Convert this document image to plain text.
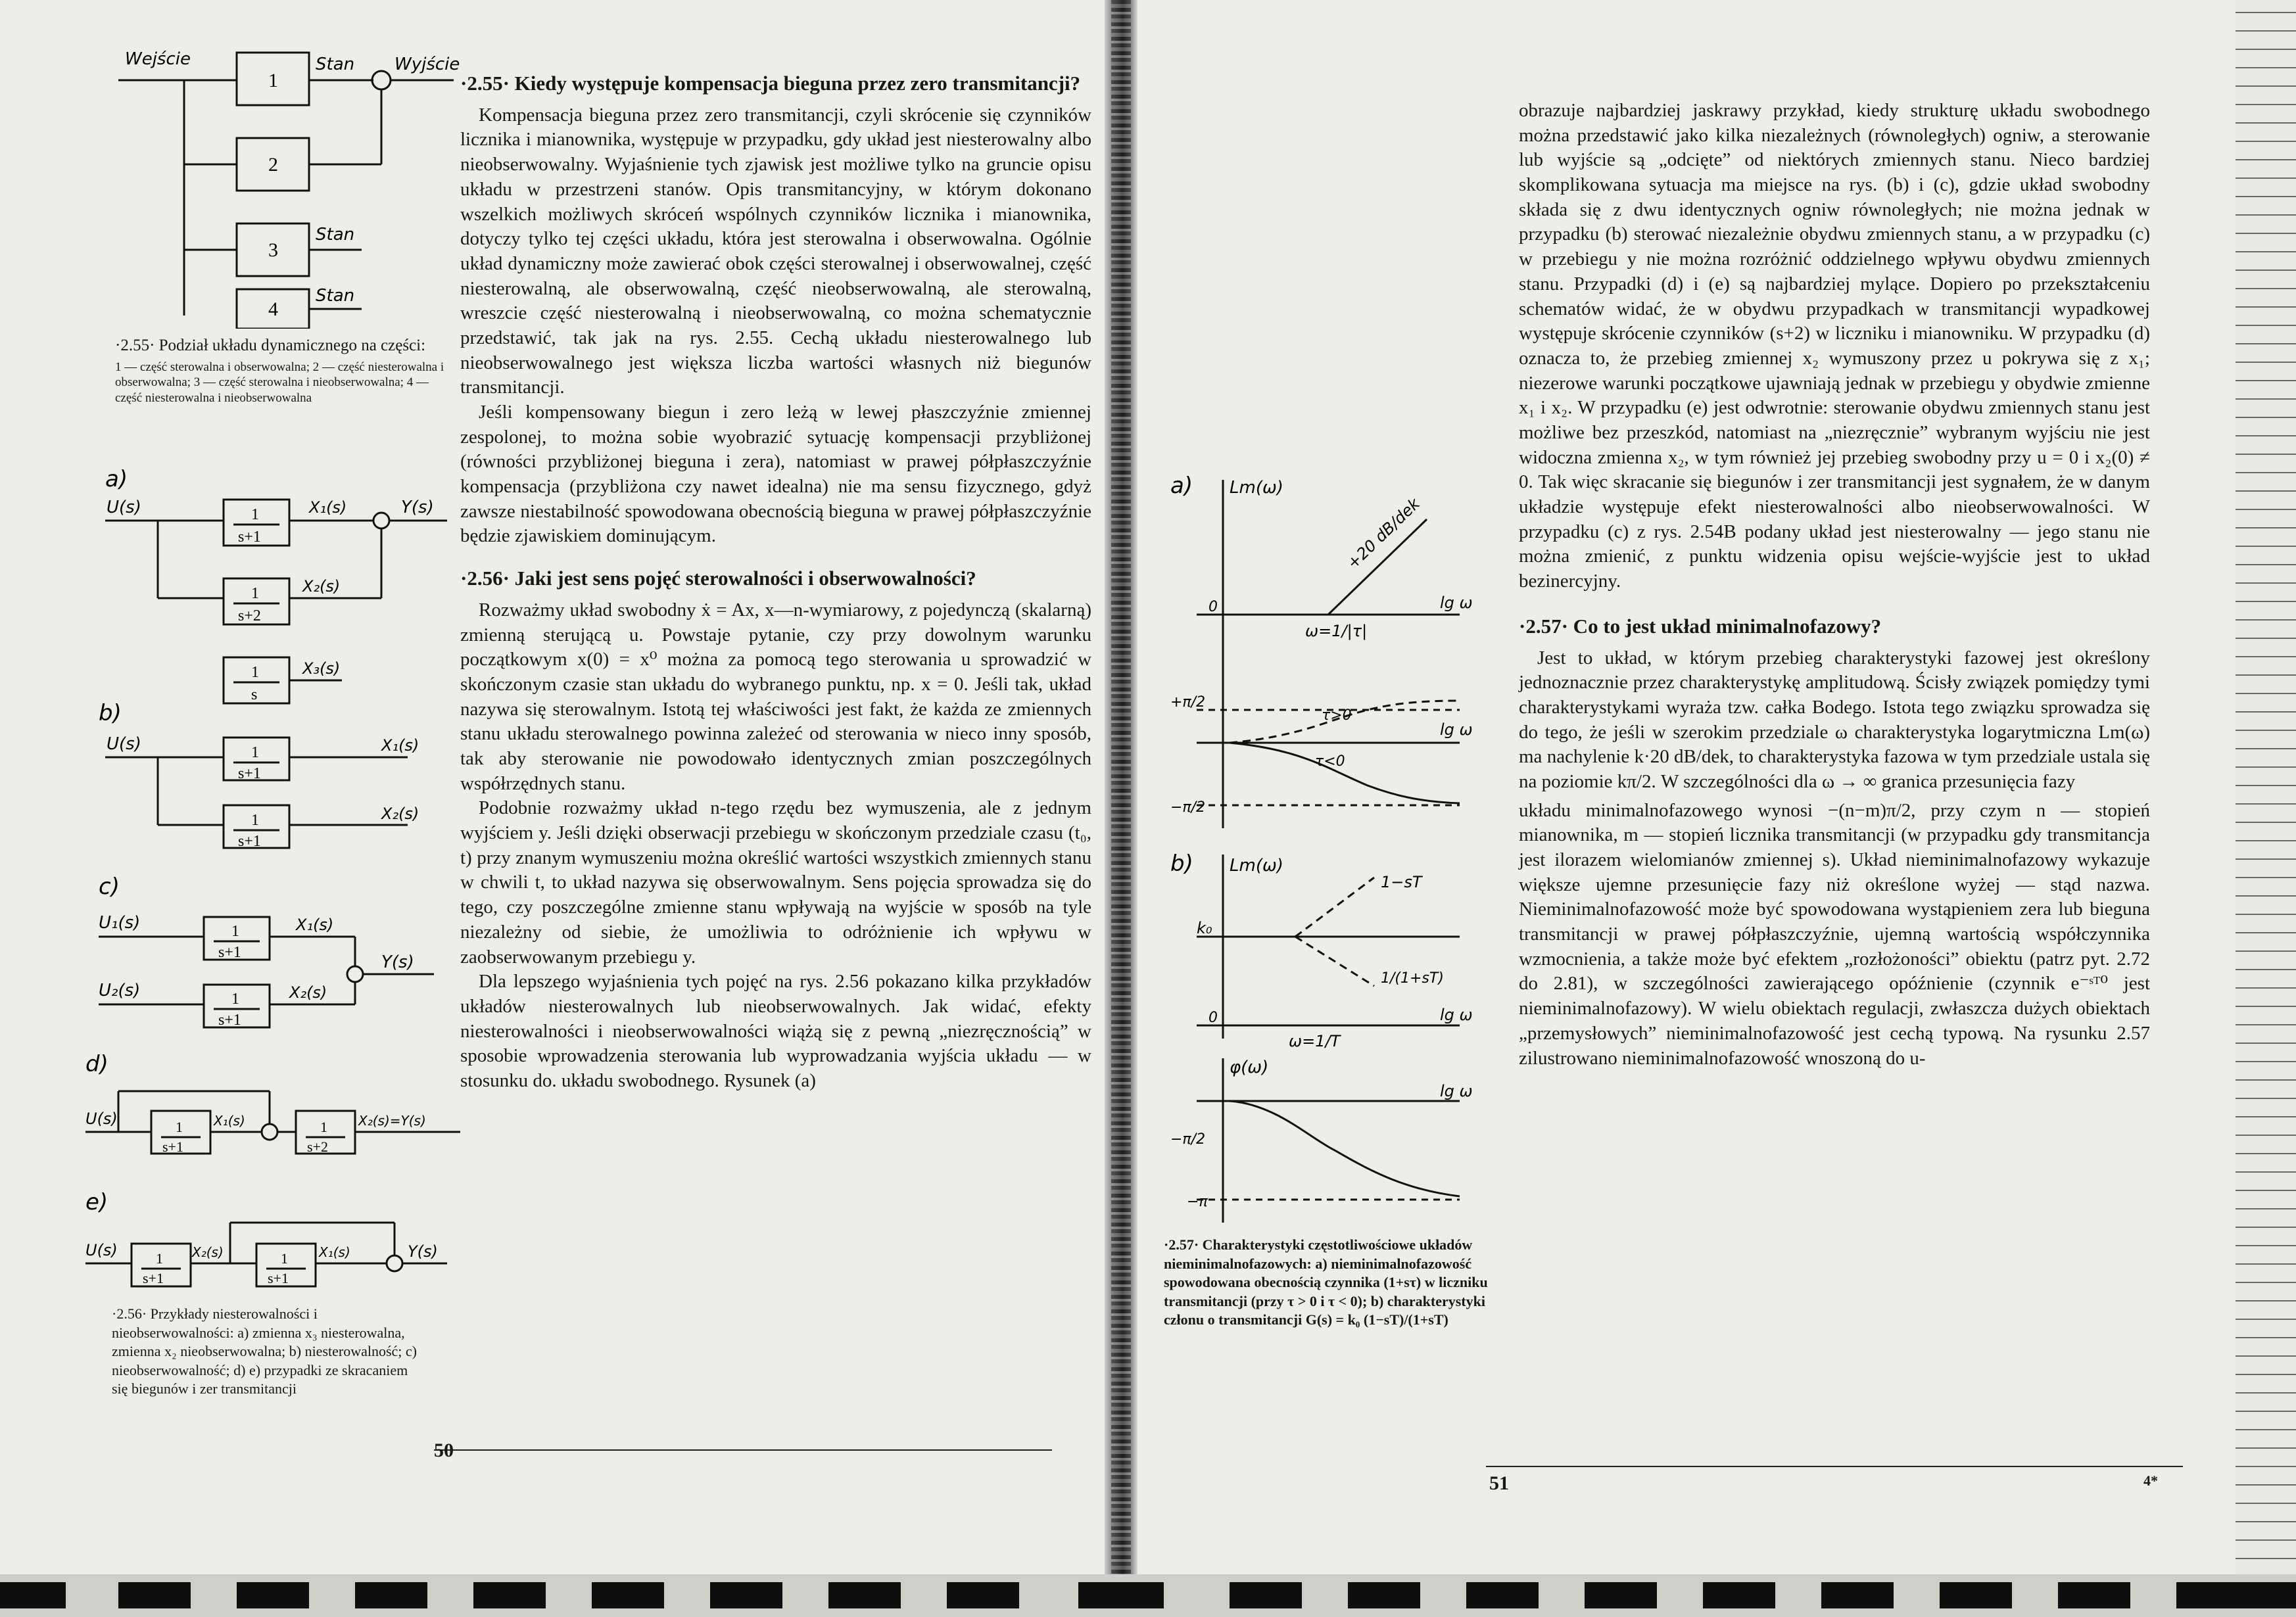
Wejście	Wyjście
Stan
Stan
Stan
1
2
3
4
·2.55· Podział układu dynamicznego na części:
1 — część sterowalna i obserwowalna; 2 — część niesterowalna i obserwowalna; 3 — część sterowalna i nieobserwowalna; 4 — część niesterowalna i nieobserwowalna
a)
U(s)	1
s+1
1
s+2
1
s
X₁(s)
X₂(s)
X₃(s)
Y(s)
b)
U(s)	1
s+1
1
s+1
X₁(s)
X₂(s)
c)
U₁(s)
U₂(s)
1
s+1
1
s+1
X₁(s)
X₂(s)
Y(s)
d)
U(s)	1
s+1
1
s+2
X₁(s)	X₂(s)=Y(s)
e)
U(s)	1
s+1
1
s+1
X₂(s)	X₁(s)	Y(s)
·2.56· Przykłady niesterowalności i nieobserwowalności: a) zmienna x₃ niesterowalna, zmienna x₂ nieobserwowalna; b) niesterowalność; c) nieobserwowalność; d) e) przypadki ze skracaniem się biegunów i zer transmitancji
·2.55· Kiedy występuje kompensacja bieguna przez zero transmitancji?

Kompensacja bieguna przez zero transmitancji, czyli skrócenie się czynników licznika i mianownika, występuje w przypadku, gdy układ jest niesterowalny albo nieobserwowalny. Wyjaśnienie tych zjawisk jest możliwe tylko na gruncie opisu układu w przestrzeni stanów. Opis transmitancyjny, w którym dokonano wszelkich możliwych skróceń wspólnych czynników licznika i mianownika, dotyczy tylko tej części układu, która jest sterowalna i obserwowalna. Ogólnie układ dynamiczny może zawierać obok części sterowalnej i obserwowalnej, część niesterowalną, ale obserwowalną, część nieobserwowalną, ale sterowalną, wreszcie część niesterowalną i nieobserwowalną, co można schematycznie przedstawić, tak jak na rys. 2.55. Cechą układu niesterowalnego lub nieobserwowalnego jest większa liczba wartości własnych niż biegunów transmitancji.

Jeśli kompensowany biegun i zero leżą w lewej płaszczyźnie zmiennej zespolonej, to można sobie wyobrazić sytuację kompensacji przybliżonej (równości przybliżonej bieguna i zera), natomiast w prawej półpłaszczyźnie kompensacja (przybliżona czy nawet idealna) nie ma sensu fizycznego, gdyż zawsze niestabilność spowodowana obecnością bieguna w prawej półpłaszczyźnie będzie zjawiskiem dominującym.

·2.56· Jaki jest sens pojęć sterowalności i obserwowalności?

Rozważmy układ swobodny ẋ = Ax, x—n-wymiarowy, z pojedynczą (skalarną) zmienną sterującą u. Powstaje pytanie, czy przy dowolnym warunku początkowym x(0) = x⁰ można za pomocą tego sterowania u sprowadzić w skończonym czasie stan układu do wybranego punktu, np. x = 0. Jeśli tak, układ nazywa się sterowalnym. Istotą tej właściwości jest fakt, że każda ze zmiennych stanu układu sterowalnego powinna zależeć od sterowania w nieco inny sposób, tak aby sterowanie nie powodowało identycznych zmian poszczególnych współrzędnych stanu.

Podobnie rozważmy układ n-tego rzędu bez wymuszenia, ale z jednym wyjściem y. Jeśli dzięki obserwacji przebiegu w skończonym przedziale czasu (t₀, t) przy znanym wymuszeniu można określić wartości wszystkich zmiennych stanu w chwili t, to układ nazywa się obserwowalnym. Sens pojęcia sprowadza się do tego, czy poszczególne zmienne stanu wpływają na wyjście w sposób na tyle niezależny od siebie, że umożliwia to odróżnienie ich wpływu w zaobserwowanym przebiegu y.

Dla lepszego wyjaśnienia tych pojęć na rys. 2.56 pokazano kilka przykładów układów niesterowalnych lub nieobserwowalnych. Jak widać, efekty niesterowalności i nieobserwowalności wiążą się z pewną „niezręcznością” w sposobie wprowadzenia sterowania lub wyprowadzania wyjścia układu — w stosunku do. układu swobodnego. Rysunek (a)

50
a) Lm(ω)
+20 dB/dek
lg ω
lg ω
ω=1/|τ|
0
+π/2
−π/2
τ>0
τ<0
b) Lm(ω)
k₀
1−sT
1/(1+sT)
ω=1/T
lg ω
lg ω
φ(ω)
0
−π/2
−π
·2.57· Charakterystyki częstotliwościowe układów nieminimalnofazowych: a) nieminimalnofazowość spowodowana obecnością czynnika (1+sτ) w liczniku transmitancji (przy τ > 0 i τ < 0); b) charakterystyki członu o transmitancji G(s) = k₀ (1−sT)/(1+sT)

obrazuje najbardziej jaskrawy przykład, kiedy strukturę układu swobodnego można przedstawić jako kilka niezależnych (równoległych) ogniw, a sterowanie lub wyjście są „odcięte” od niektórych zmiennych stanu. Nieco bardziej skomplikowana sytuacja ma miejsce na rys. (b) i (c), gdzie układ swobodny składa się z dwu identycznych ogniw równoległych; nie można jednak w przypadku (b) sterować niezależnie obydwu zmiennych stanu, a w przypadku (c) w przebiegu y nie można rozróżnić oddzielnego wpływu obydwu zmiennych stanu. Przypadki (d) i (e) są najbardziej mylące. Dopiero po przekształceniu schematów widać, że w obydwu przypadkach w transmitancji wypadkowej występuje skrócenie czynników (s+2) w liczniku i mianowniku. W przypadku (d) oznacza to, że przebieg zmiennej x₂ wymuszony przez u pokrywa się z x₁; niezerowe warunki początkowe ujawniają jednak w przebiegu y obydwie zmienne x₁ i x₂. W przypadku (e) jest odwrotnie: sterowanie obydwu zmiennych stanu jest możliwe bez przeszkód, natomiast na „niezręcznie” wybranym wyjściu nie jest widoczna zmienna x₂, w tym również jej przebieg swobodny przy u = 0 i x₂(0) ≠ 0. Tak więc skracanie się biegunów i zer transmitancji jest sygnałem, że w danym układzie występuje efekt niesterowalności albo nieobserwowalności. W przypadku (c) z rys. 2.54B podany układ jest niesterowalny — jego stanu nie można zmienić, z punktu widzenia opisu wejście-wyjście jest to układ bezinercyjny.

·2.57· Co to jest układ minimalnofazowy?

Jest to układ, w którym przebieg charakterystyki fazowej jest określony jednoznacznie przez charakterystykę amplitudową. Ścisły związek pomiędzy tymi charakterystykami wyraża tzw. całka Bodego. Istota tego związku sprowadza się do tego, że jeśli w szerokim przedziale ω charakterystyka logarytmiczna Lm(ω) ma nachylenie k·20 dB/dek, to charakterystyka fazowa w tym przedziale ustala się na poziomie kπ/2. W szczególności dla ω → ∞ granica przesunięcia fazy

układu minimalnofazowego wynosi −(n−m)π/2, przy czym n — stopień mianownika, m — stopień licznika transmitancji (w przypadku gdy transmitancja jest ilorazem wielomianów zmiennej s). Układ nieminimalnofazowy wykazuje większe ujemne przesunięcie fazy niż określone wyżej — stąd nazwa. Nieminimalnofazowość może być spowodowana wystąpieniem zera lub bieguna transmitancji w prawej półpłaszczyźnie, ujemną wartością współczynnika wzmocnienia, a także może być efektem „rozłożoności” obiektu (patrz pyt. 2.72 do 2.81), w szczególności zawierającego opóźnienie (czynnik e⁻ˢᵀ⁰ jest nieminimalnofazowy). W wielu obiektach regulacji, zwłaszcza dużych obiektach „przemysłowych” nieminimalnofazowość jest cechą typową. Na rysunku 2.57 zilustrowano nieminimalnofazowość wnoszoną do u-

51	4*
